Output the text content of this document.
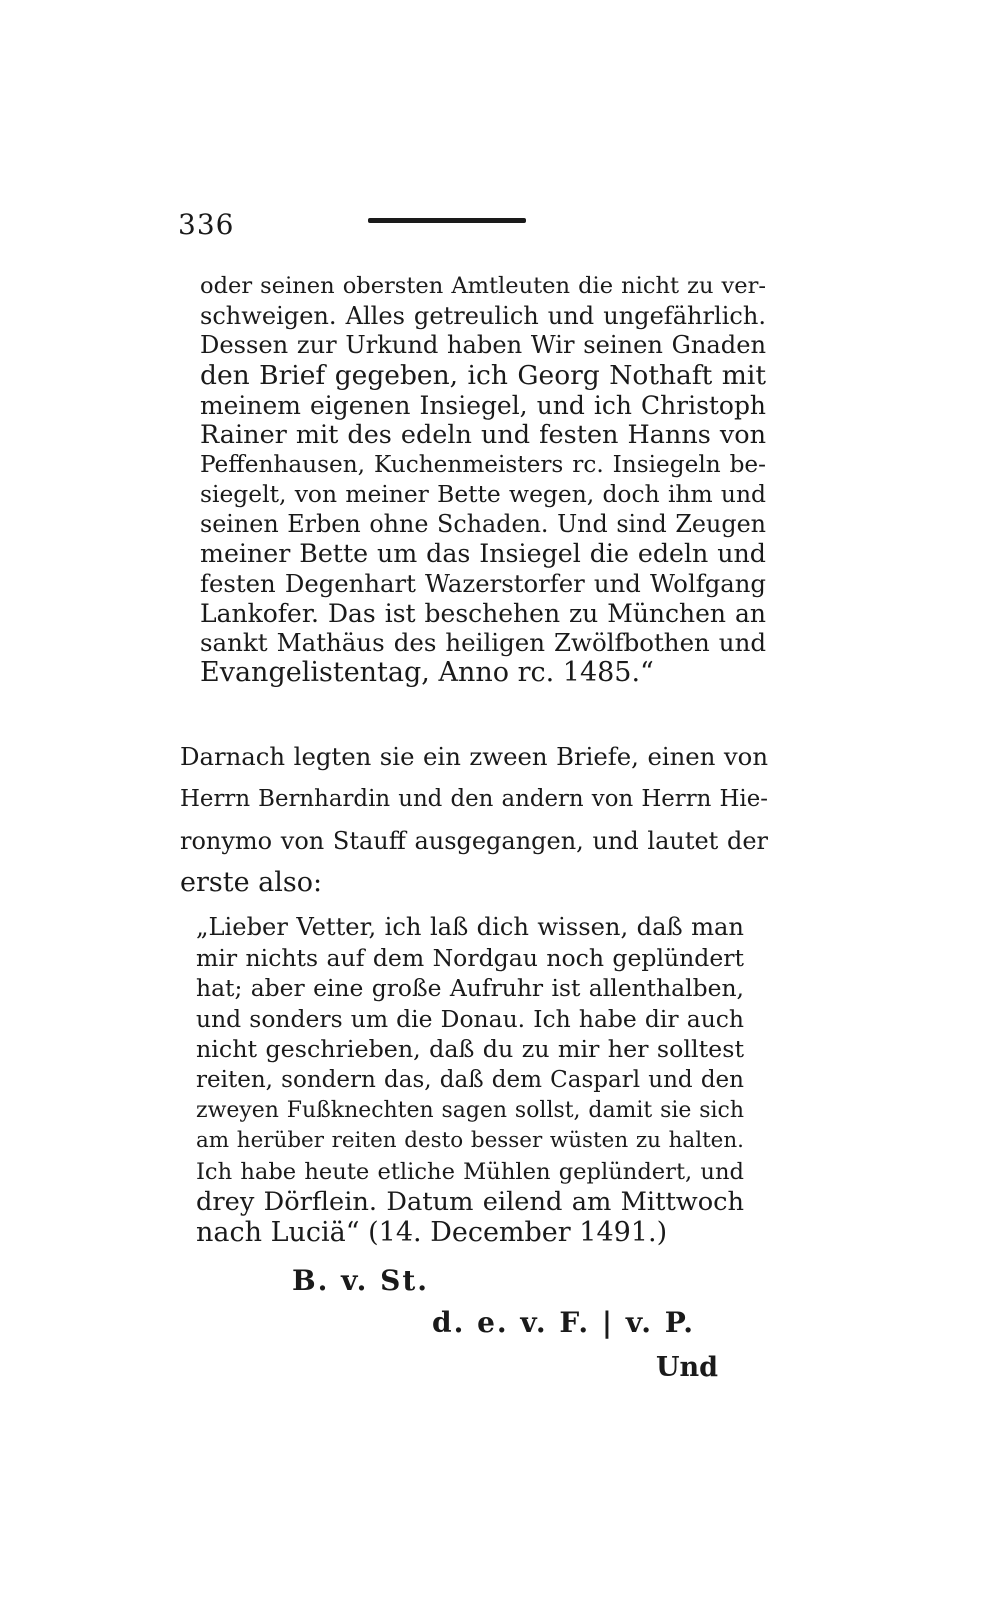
336
oder seinen obersten Amtleuten die nicht zu ver-
schweigen. Alles getreulich und ungefährlich.
Dessen zur Urkund haben Wir seinen Gnaden
den Brief gegeben, ich Georg Nothaft mit
meinem eigenen Insiegel, und ich Christoph
Rainer mit des edeln und festen Hanns von
Peffenhausen, Kuchenmeisters rc. Insiegeln be-
siegelt, von meiner Bette wegen, doch ihm und
seinen Erben ohne Schaden. Und sind Zeugen
meiner Bette um das Insiegel die edeln und
festen Degenhart Wazerstorfer und Wolfgang
Lankofer. Das ist beschehen zu München an
sankt Mathäus des heiligen Zwölfbothen und
Evangelistentag, Anno rc. 1485.“
Darnach legten sie ein zween Briefe, einen von
Herrn Bernhardin und den andern von Herrn Hie-
ronymo von Stauff ausgegangen, und lautet der
erste also:
„Lieber Vetter, ich laß dich wissen, daß man
mir nichts auf dem Nordgau noch geplündert
hat; aber eine große Aufruhr ist allenthalben,
und sonders um die Donau. Ich habe dir auch
nicht geschrieben, daß du zu mir her solltest
reiten, sondern das, daß dem Casparl und den
zweyen Fußknechten sagen sollst, damit sie sich
am herüber reiten desto besser wüsten zu halten.
Ich habe heute etliche Mühlen geplündert, und
drey Dörflein. Datum eilend am Mittwoch
nach Luciä“ (14. December 1491.)
B. v. St.
d. e. v. F. | v. P.
Und
